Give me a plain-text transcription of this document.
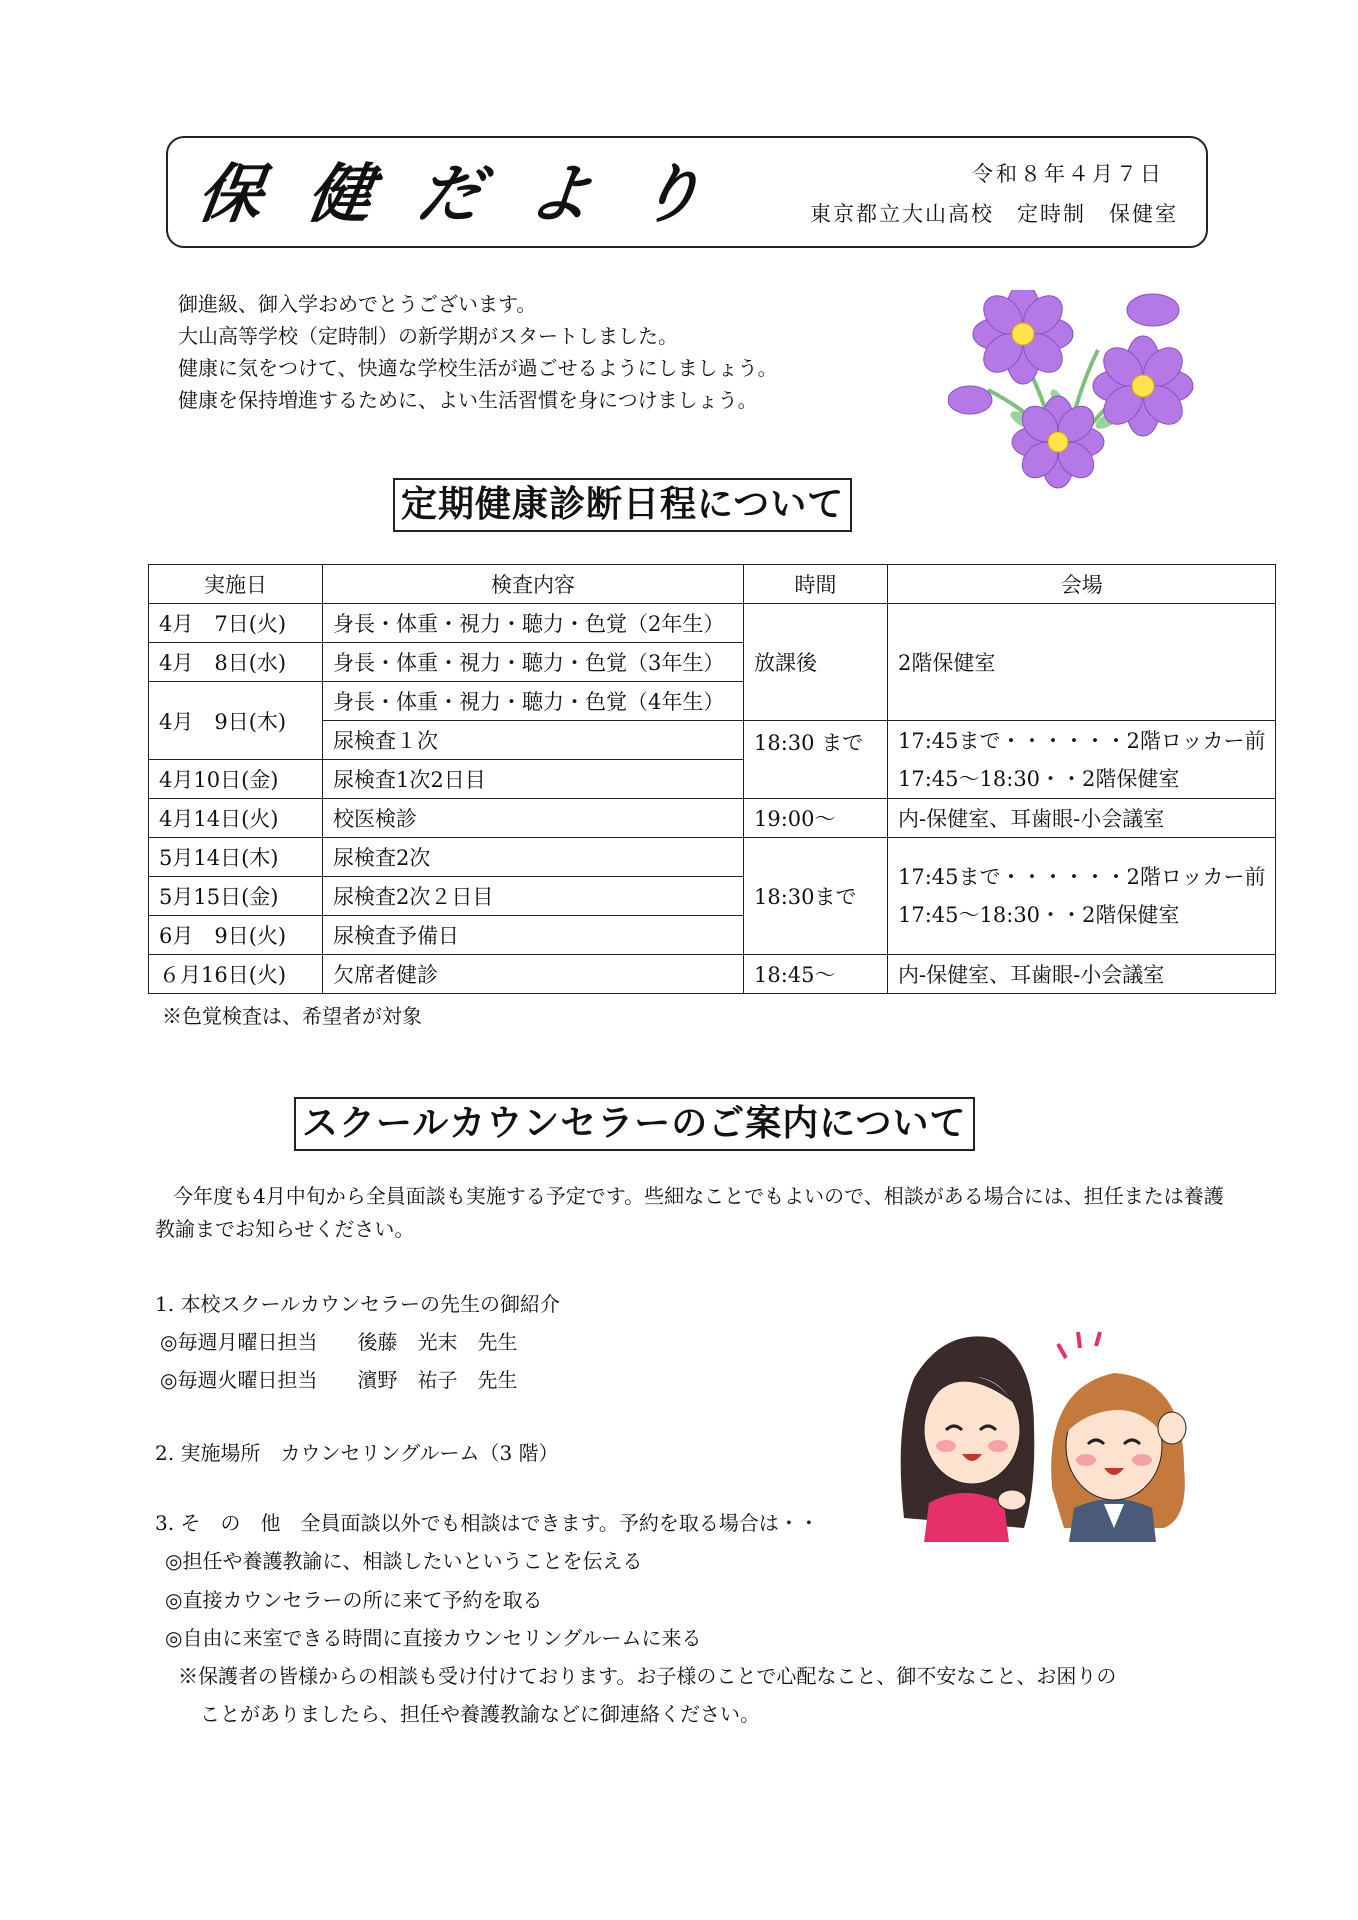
保健だより	令和８年４月７日
東京都立大山高校　定時制　保健室
御進級、御入学おめでとうございます。
大山高等学校（定時制）の新学期がスタートしました。
健康に気をつけて、快適な学校生活が過ごせるようにしましょう。
健康を保持増進するために、よい生活習慣を身につけましょう。
定期健康診断日程について
実施日	検査内容	時間	会場
4月　7日(火)	身長・体重・視力・聴力・色覚（2年生）	放課後	2階保健室
4月　8日(水)	身長・体重・視力・聴力・色覚（3年生）		
4月　9日(木)	身長・体重・視力・聴力・色覚（4年生）		
	尿検査１次	18:30 まで	17:45まで・・・・・・2階ロッカー前
17:45～18:30・・2階保健室

4月10日(金)	尿検査1次2日目		
4月14日(火)	校医検診	19:00～	内-保健室、耳歯眼-小会議室
5月14日(木)	尿検査2次	18:30まで	17:45まで・・・・・・2階ロッカー前
17:45～18:30・・2階保健室

5月15日(金)	尿検査2次２日目		
6月　9日(火)	尿検査予備日		
６月16日(火)	欠席者健診	18:45～	内-保健室、耳歯眼-小会議室
※色覚検査は、希望者が対象
スクールカウンセラーのご案内について
今年度も4月中旬から全員面談も実施する予定です。些細なことでもよいので、相談がある場合には、担任または養護教諭までお知らせください。
1. 本校スクールカウンセラーの先生の御紹介
◎毎週月曜日担当　　後藤　光末　先生
◎毎週火曜日担当　　濱野　祐子　先生
2. 実施場所　カウンセリングルーム（3 階）
3. そ　の　他　全員面談以外でも相談はできます。予約を取る場合は・・
◎担任や養護教諭に、相談したいということを伝える
◎直接カウンセラーの所に来て予約を取る
◎自由に来室できる時間に直接カウンセリングルームに来る
※保護者の皆様からの相談も受け付けております。お子様のことで心配なこと、御不安なこと、お困りの
ことがありましたら、担任や養護教諭などに御連絡ください。
